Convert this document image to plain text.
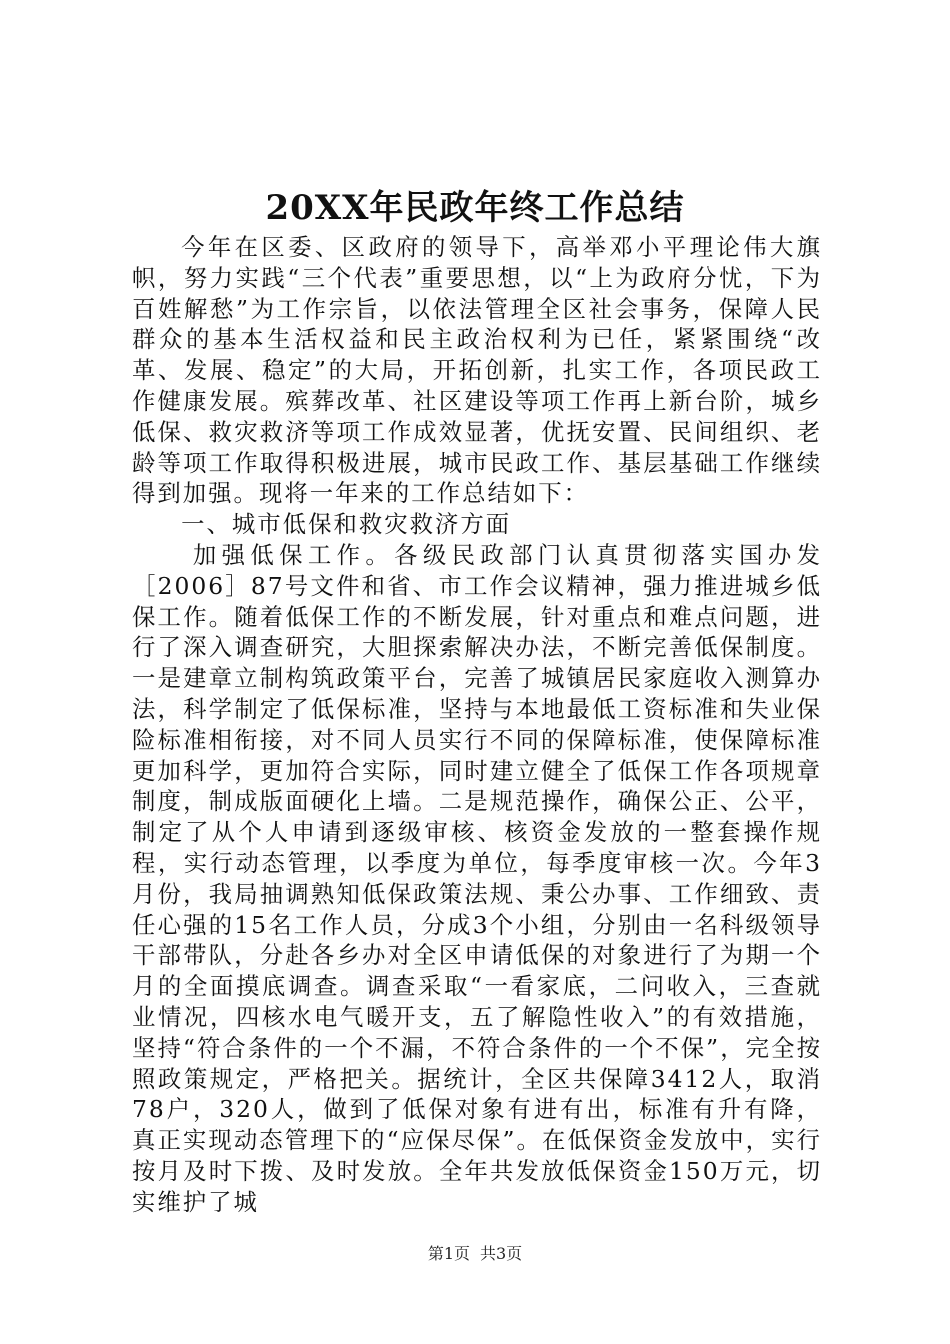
20XX年民政年终工作总结

今年在区委、区政府的领导下，高举邓小平理论伟大旗帜，努力实践“三个代表”重要思想，以“上为政府分忧，下为百姓解愁”为工作宗旨，以依法管理全区社会事务，保障人民群众的基本生活权益和民主政治权利为已任，紧紧围绕“改革、发展、稳定”的大局，开拓创新，扎实工作，各项民政工作健康发展。殡葬改革、社区建设等项工作再上新台阶，城乡低保、救灾救济等项工作成效显著，优抚安置、民间组织、老龄等项工作取得积极进展，城市民政工作、基层基础工作继续得到加强。现将一年来的工作总结如下：

一、城市低保和救灾救济方面

加强低保工作。各级民政部门认真贯彻落实国办发［2006］87号文件和省、市工作会议精神，强力推进城乡低保工作。随着低保工作的不断发展，针对重点和难点问题，进行了深入调查研究，大胆探索解决办法，不断完善低保制度。一是建章立制构筑政策平台，完善了城镇居民家庭收入测算办法，科学制定了低保标准，坚持与本地最低工资标准和失业保险标准相衔接，对不同人员实行不同的保障标准，使保障标准更加科学，更加符合实际，同时建立健全了低保工作各项规章制度，制成版面硬化上墙。二是规范操作，确保公正、公平，制定了从个人申请到逐级审核、核资金发放的一整套操作规程，实行动态管理，以季度为单位，每季度审核一次。今年3月份，我局抽调熟知低保政策法规、秉公办事、工作细致、责任心强的15名工作人员，分成3个小组，分别由一名科级领导干部带队，分赴各乡办对全区申请低保的对象进行了为期一个月的全面摸底调查。调查采取“一看家底，二问收入，三查就业情况，四核水电气暖开支，五了解隐性收入”的有效措施，坚持“符合条件的一个不漏，不符合条件的一个不保”，完全按照政策规定，严格把关。据统计，全区共保障3412人，取消78户，320人，做到了低保对象有进有出，标准有升有降，真正实现动态管理下的“应保尽保”。在低保资金发放中，实行按月及时下拨、及时发放。全年共发放低保资金150万元，切实维护了城

第1页 共3页
